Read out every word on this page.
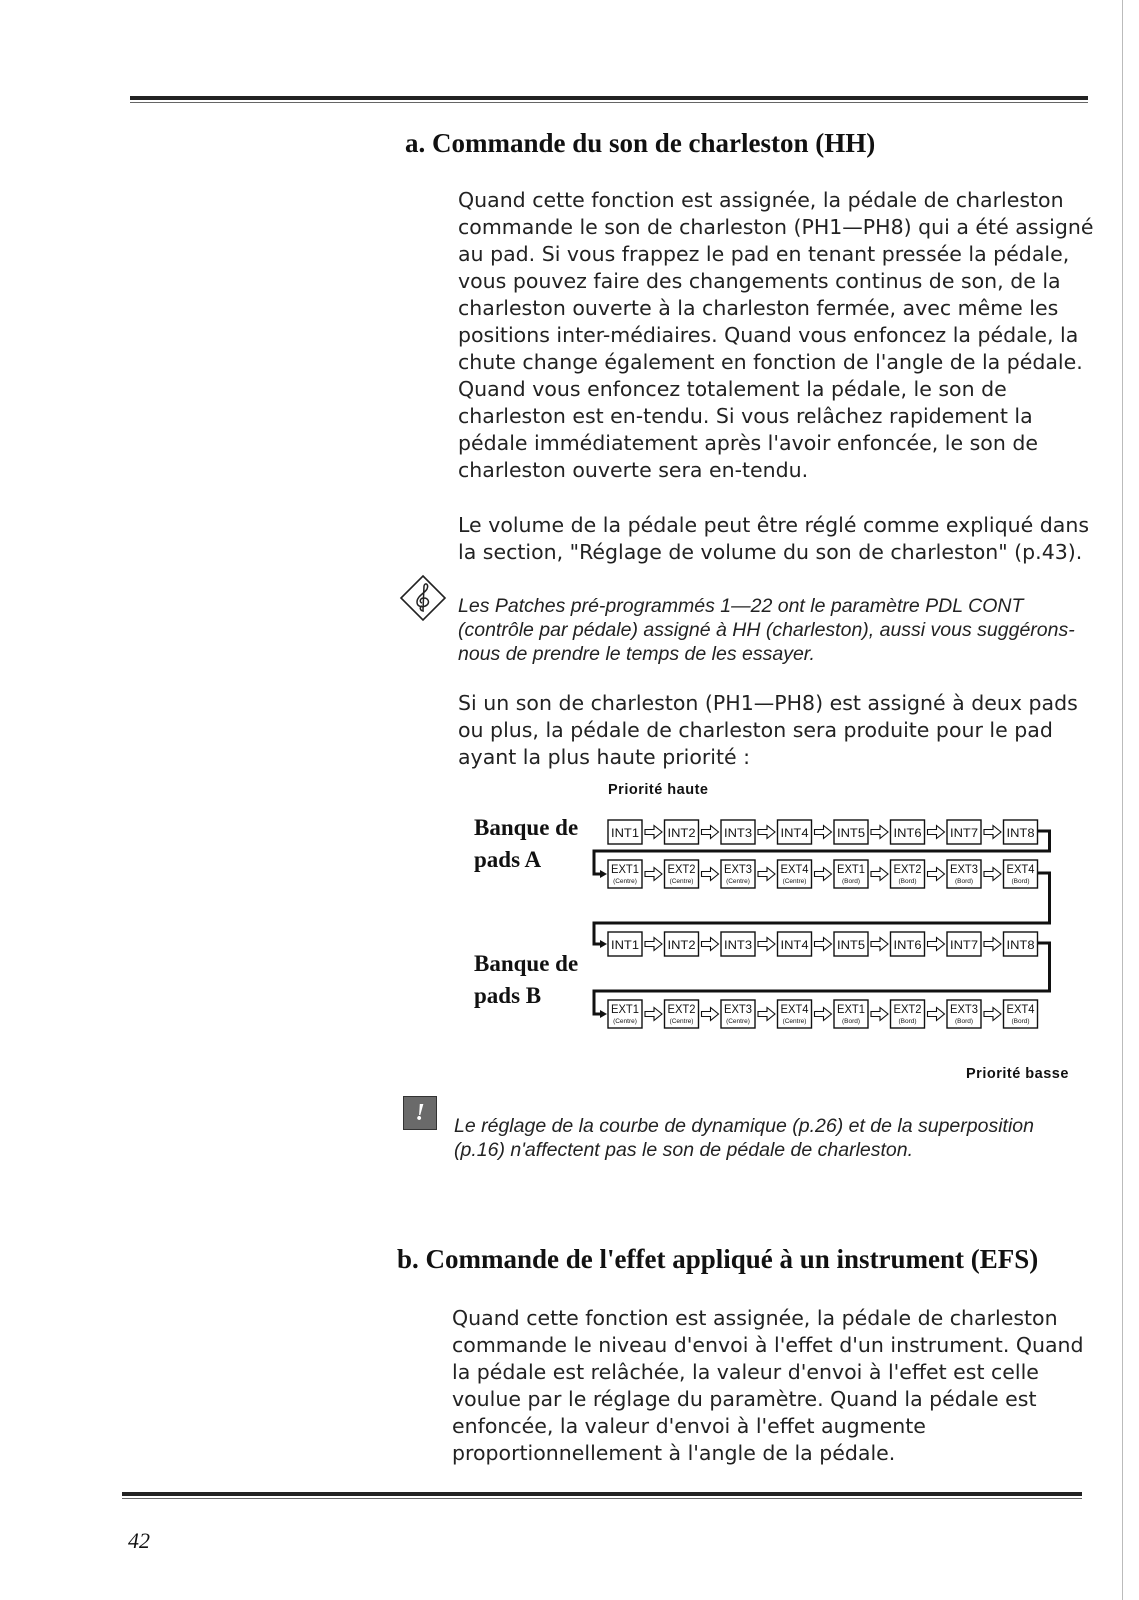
a. Commande du son de charleston (HH)

Quand cette fonction est assignée, la pédale de charleston commande le son de charleston (PH1—PH8) qui a été assigné au pad. Si vous frappez le pad en tenant pressée la pédale, vous pouvez faire des changements continus de son, de la charleston ouverte à la charleston fermée, avec même les positions inter-médiaires. Quand vous enfoncez la pédale, la chute change également en fonction de l'angle de la pédale. Quand vous enfoncez totalement la pédale, le son de charleston est en-tendu. Si vous relâchez rapidement la pédale immédiatement après l'avoir enfoncée, le son de charleston ouverte sera en-tendu.

Le volume de la pédale peut être réglé comme expliqué dans la section, "Réglage de volume du son de charleston" (p.43).

Les Patches pré-programmés 1—22 ont le paramètre PDL CONT (contrôle par pédale) assigné à HH (charleston), aussi vous suggérons-nous de prendre le temps de les essayer.

Si un son de charleston (PH1—PH8) est assigné à deux pads ou plus, la pédale de charleston sera produite pour le pad ayant la plus haute priorité :

Priorité haute

Banque de pads A

Banque de pads B

INT1 INT2 INT3 INT4 INT5 INT6 INT7 INT8
EXT1
(Centre)
EXT2
(Centre)
EXT3
(Centre)
EXT4
(Centre)
EXT1
(Bord)
EXT2
(Bord)
EXT3
(Bord)
EXT4
(Bord)
INT1 INT2 INT3 INT4 INT5 INT6 INT7 INT8
EXT1
(Centre)
EXT2
(Centre)
EXT3
(Centre)
EXT4
(Centre)
EXT1
(Bord)
EXT2
(Bord)
EXT3
(Bord)
EXT4
(Bord)

Priorité basse

!	Le réglage de la courbe de dynamique (p.26) et de la superposition (p.16) n'affectent pas le son de pédale de charleston.

b. Commande de l'effet appliqué à un instrument (EFS)

Quand cette fonction est assignée, la pédale de charleston commande le niveau d'envoi à l'effet d'un instrument. Quand la pédale est relâchée, la valeur d'envoi à l'effet est celle voulue par le réglage du paramètre. Quand la pédale est enfoncée, la valeur d'envoi à l'effet augmente proportionnellement à l'angle de la pédale.

42
